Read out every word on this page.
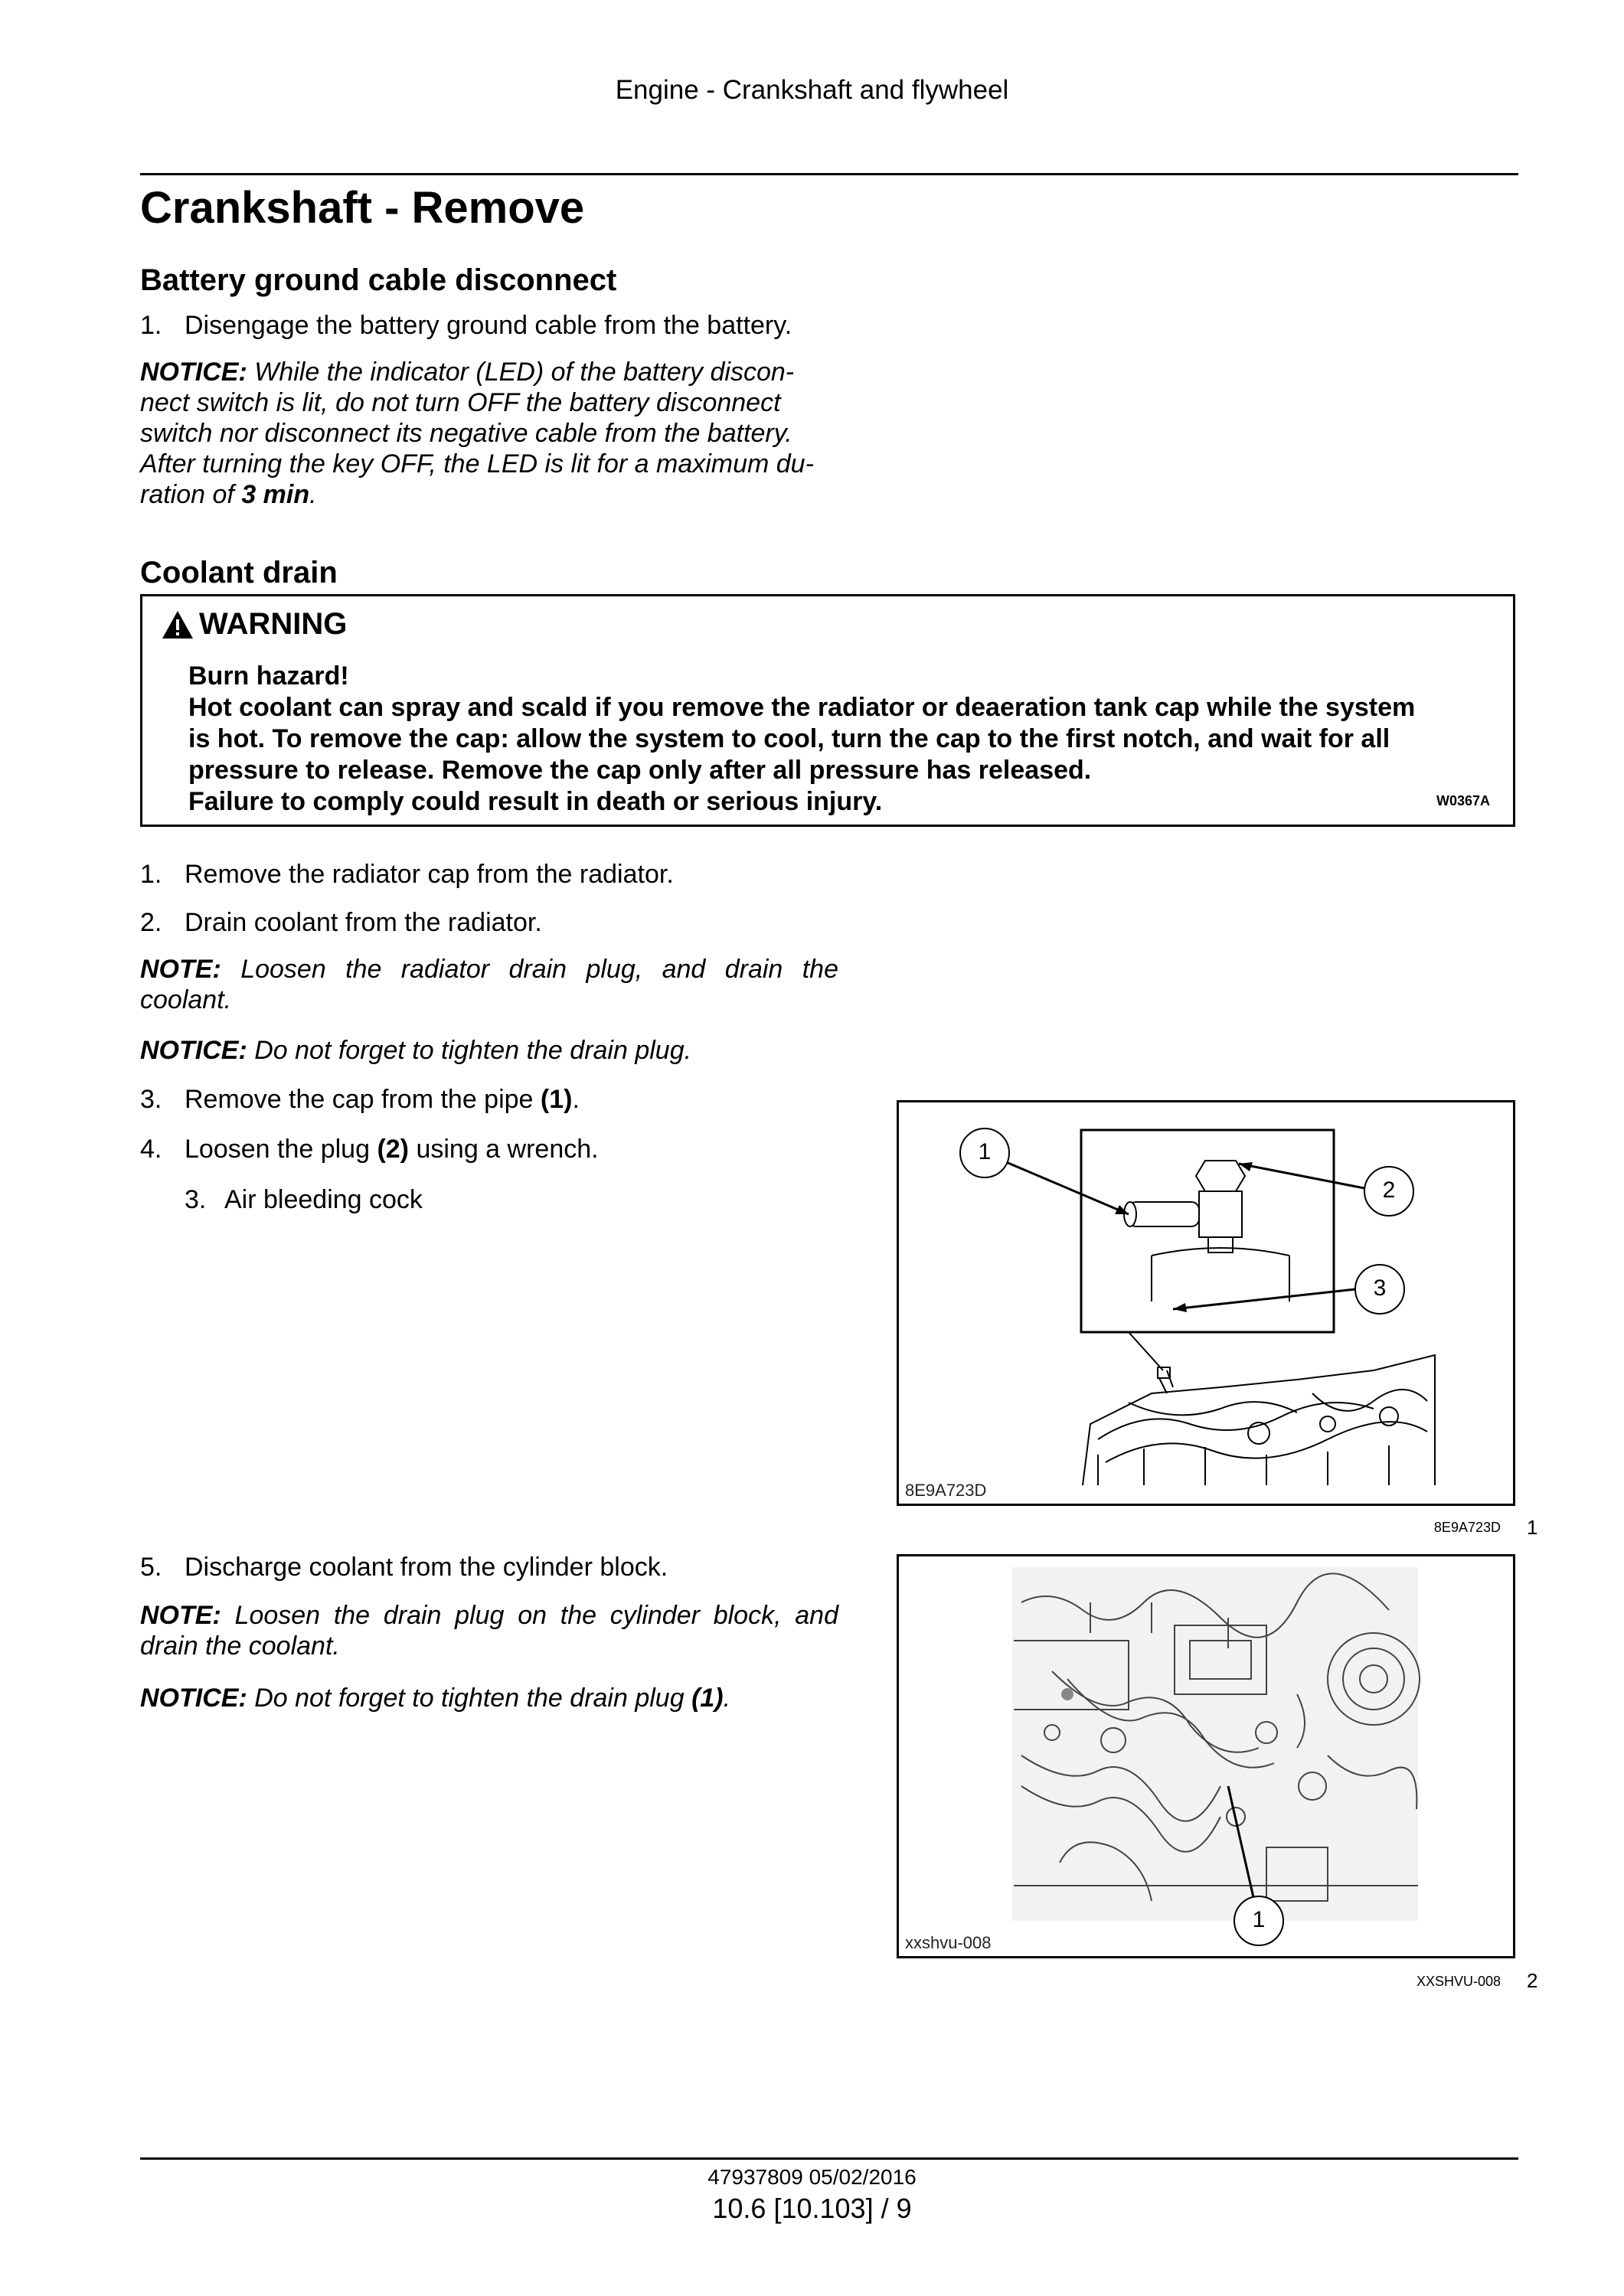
Engine - Crankshaft and flywheel
Crankshaft - Remove
Battery ground cable disconnect
1. Disengage the battery ground cable from the battery.
NOTICE: While the indicator (LED) of the battery discon-
nect switch is lit, do not turn OFF the battery disconnect
switch nor disconnect its negative cable from the battery.
After turning the key OFF, the LED is lit for a maximum du-
ration of 3 min.
Coolant drain
WARNING
Burn hazard!
Hot coolant can spray and scald if you remove the radiator or deaeration tank cap while the system
is hot. To remove the cap: allow the system to cool, turn the cap to the first notch, and wait for all
pressure to release. Remove the cap only after all pressure has released.
Failure to comply could result in death or serious injury.	W0367A
1. Remove the radiator cap from the radiator.
2. Drain coolant from the radiator.
NOTE: Loosen the radiator drain plug, and drain the
coolant.
NOTICE: Do not forget to tighten the drain plug.
3. Remove the cap from the pipe (1).
4. Loosen the plug (2) using a wrench.
3. Air bleeding cock
1
2
3
8E9A723D
8E9A723D 1
5. Discharge coolant from the cylinder block.
NOTE: Loosen the drain plug on the cylinder block, and
drain the coolant.
NOTICE: Do not forget to tighten the drain plug (1).
1
xxshvu-008
XXSHVU-008 2
47937809 05/02/2016
10.6 [10.103] / 9
